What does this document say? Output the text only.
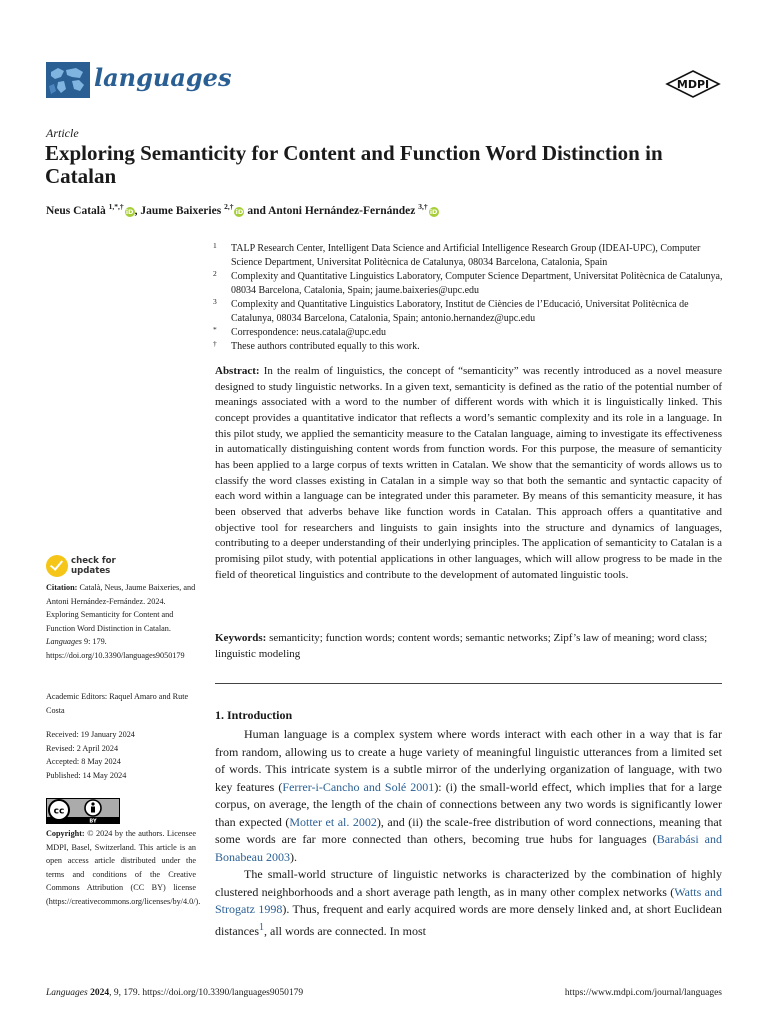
languages	MDPI
Article
Exploring Semanticity for Content and Function Word Distinction in Catalan
Neus Català $^{1,*,\dagger}$iD, Jaume Baixeries $^{2,\dagger}$iD and Antoni Hernández-Fernández $^{3,\dagger}$iD
1 TALP Research Center, Intelligent Data Science and Artificial Intelligence Research Group (IDEAI-UPC), Computer Science Department, Universitat Politècnica de Catalunya, 08034 Barcelona, Catalonia, Spain
2 Complexity and Quantitative Linguistics Laboratory, Computer Science Department, Universitat Politècnica de Catalunya, 08034 Barcelona, Catalonia, Spain; jaume.baixeries@upc.edu
3 Complexity and Quantitative Linguistics Laboratory, Institut de Ciències de l’Educació, Universitat Politècnica de Catalunya, 08034 Barcelona, Catalonia, Spain; antonio.hernandez@upc.edu
* Correspondence: neus.catala@upc.edu
† These authors contributed equally to this work.
Abstract: In the realm of linguistics, the concept of “semanticity” was recently introduced as a novel measure designed to study linguistic networks. In a given text, semanticity is defined as the ratio of the potential number of meanings associated with a word to the number of different words with which it is linguistically linked. This concept provides a quantitative indicator that reflects a word’s semantic complexity and its role in a language. In this pilot study, we applied the semanticity measure to the Catalan language, aiming to investigate its effectiveness in automatically distinguishing content words from function words. For this purpose, the measure of semanticity has been applied to a large corpus of texts written in Catalan. We show that the semanticity of words allows us to classify the word classes existing in Catalan in a simple way so that both the semantic and syntactic capacity of each word within a language can be integrated under this parameter. By means of this semanticity measure, it has been observed that adverbs behave like function words in Catalan. This approach offers a quantitative and objective tool for researchers and linguists to gain insights into the structure and dynamics of languages, contributing to a deeper understanding of their underlying principles. The application of semanticity to Catalan is a promising pilot study, with potential applications in other languages, which will allow progress to be made in the field of theoretical linguistics and contribute to the development of automated linguistic tools.
Keywords: semanticity; function words; content words; semantic networks; Zipf’s law of meaning; word class; linguistic modeling
check for
updates
Citation: Català, Neus, Jaume Baixeries, and Antoni Hernández-Fernández. 2024. Exploring Semanticity for Content and Function Word Distinction in Catalan. Languages 9: 179. https://doi.org/10.3390/languages9050179
Academic Editors: Raquel Amaro and Rute Costa
Received: 19 January 2024
Revised: 2 April 2024
Accepted: 8 May 2024
Published: 14 May 2024
cc
BY
Copyright: © 2024 by the authors. Licensee MDPI, Basel, Switzerland. This article is an open access article distributed under the terms and conditions of the Creative Commons Attribution (CC BY) license (https://creativecommons.org/licenses/by/4.0/).
1. Introduction

Human language is a complex system where words interact with each other in a way that is far from random, allowing us to create a huge variety of meaningful linguistic utterances from a limited set of words. This intricate system is a subtle mirror of the underlying organization of language, with two key features (Ferrer-i-Cancho and Solé 2001): (i) the small-world effect, which implies that for a large corpus, on average, the length of the chain of connections between any two words is significantly lower than expected (Motter et al. 2002), and (ii) the scale-free distribution of word connections, meaning that some words are far more connected than others, becoming true hubs for languages (Barabási and Bonabeau 2003).

The small-world structure of linguistic networks is characterized by the combination of highly clustered neighborhoods and a short average path length, as in many other complex networks (Watts and Strogatz 1998). Thus, frequent and early acquired words are more densely linked and, at short Euclidean distances$^1$, all words are connected. In most

Languages 2024, 9, 179. https://doi.org/10.3390/languages9050179	https://www.mdpi.com/journal/languages
